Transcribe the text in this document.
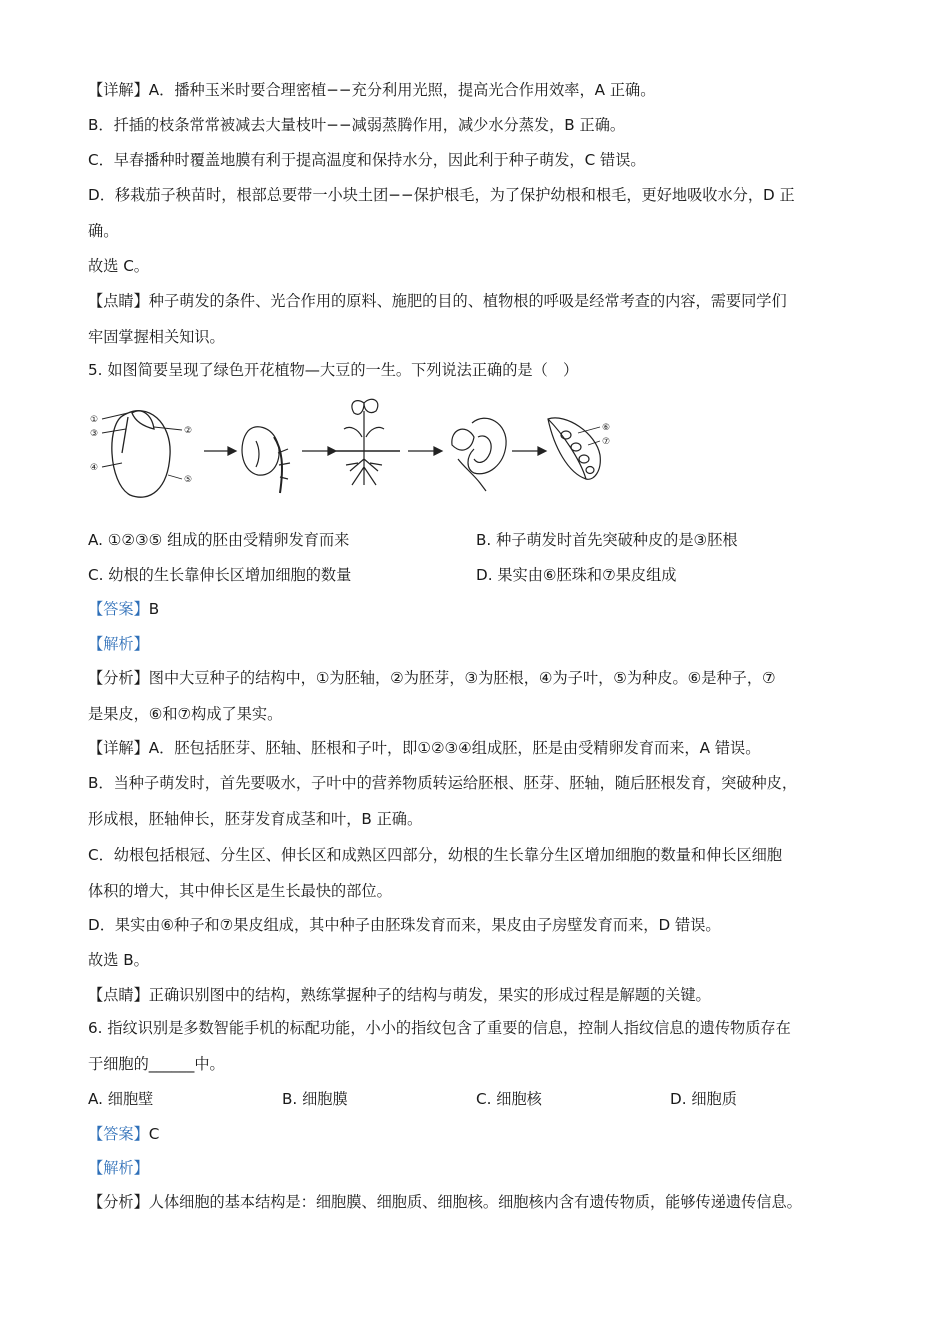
【详解】A．播种玉米时要合理密植−−充分利用光照，提高光合作用效率，A 正确。
B．扦插的枝条常常被减去大量枝叶−−减弱蒸腾作用，减少水分蒸发，B 正确。
C．早春播种时覆盖地膜有利于提高温度和保持水分，因此利于种子萌发，C 错误。
D．移栽茄子秧苗时，根部总要带一小块土团−−保护根毛，为了保护幼根和根毛，更好地吸收水分，D 正
确。
故选 C。
【点睛】种子萌发的条件、光合作用的原料、施肥的目的、植物根的呼吸是经常考查的内容，需要同学们
牢固掌握相关知识。
5. 如图简要呈现了绿色开花植物—大豆的一生。下列说法正确的是（　）
①
③
④
②
⑤
⑥
⑦
A. ①②③⑤ 组成的胚由受精卵发育而来	B. 种子萌发时首先突破种皮的是③胚根
C. 幼根的生长靠伸长区增加细胞的数量	D. 果实由⑥胚珠和⑦果皮组成
【答案】B
【解析】
【分析】图中大豆种子的结构中，①为胚轴，②为胚芽，③为胚根，④为子叶，⑤为种皮。⑥是种子，⑦
是果皮，⑥和⑦构成了果实。
【详解】A．胚包括胚芽、胚轴、胚根和子叶，即①②③④组成胚，胚是由受精卵发育而来，A 错误。
B．当种子萌发时，首先要吸水，子叶中的营养物质转运给胚根、胚芽、胚轴，随后胚根发育，突破种皮，
形成根，胚轴伸长，胚芽发育成茎和叶，B 正确。
C．幼根包括根冠、分生区、伸长区和成熟区四部分，幼根的生长靠分生区增加细胞的数量和伸长区细胞
体积的增大，其中伸长区是生长最快的部位。
D．果实由⑥种子和⑦果皮组成，其中种子由胚珠发育而来，果皮由子房壁发育而来，D 错误。
故选 B。
【点睛】正确识别图中的结构，熟练掌握种子的结构与萌发，果实的形成过程是解题的关键。
6. 指纹识别是多数智能手机的标配功能，小小的指纹包含了重要的信息，控制人指纹信息的遗传物质存在
于细胞的______中。
A. 细胞壁	B. 细胞膜	C. 细胞核	D. 细胞质
【答案】C
【解析】
【分析】人体细胞的基本结构是：细胞膜、细胞质、细胞核。细胞核内含有遗传物质，能够传递遗传信息。
